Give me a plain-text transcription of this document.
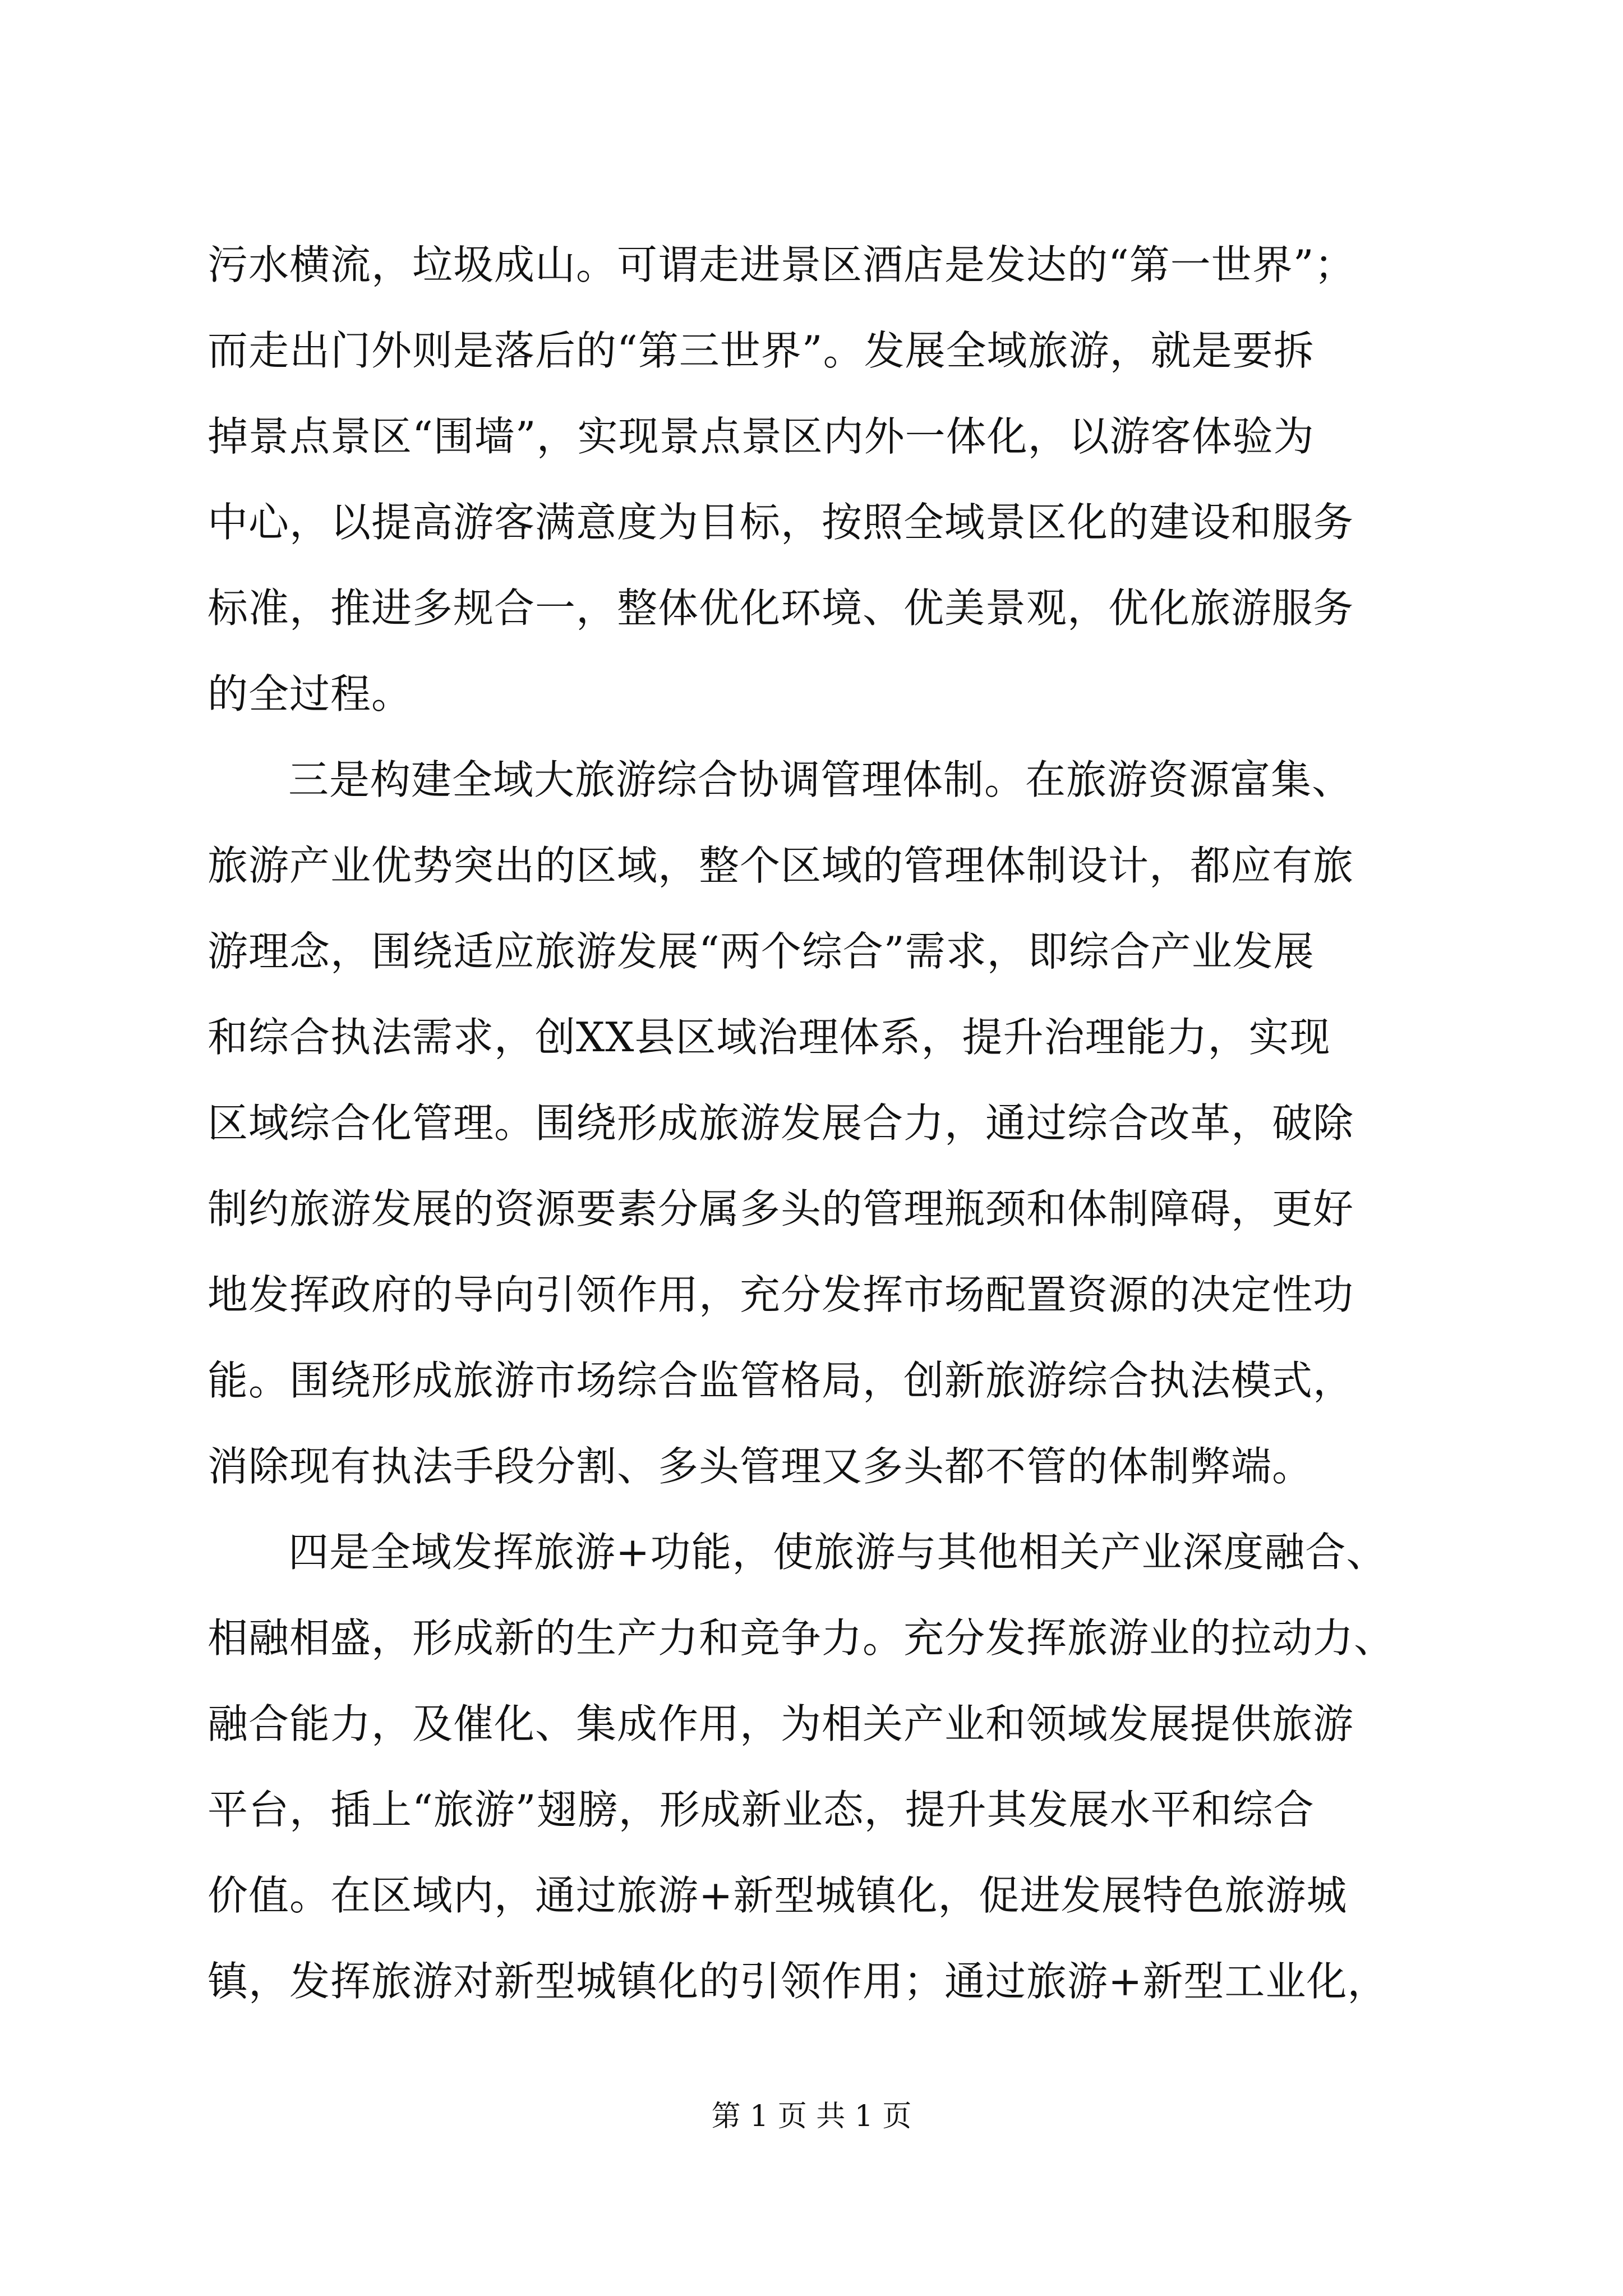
污水横流，垃圾成山。可谓走进景区酒店是发达的“第一世界”；
而走出门外则是落后的“第三世界”。发展全域旅游，就是要拆
掉景点景区“围墙”，实现景点景区内外一体化，以游客体验为
中心，以提高游客满意度为目标，按照全域景区化的建设和服务
标准，推进多规合一，整体优化环境、优美景观，优化旅游服务
的全过程。
三是构建全域大旅游综合协调管理体制。在旅游资源富集、
旅游产业优势突出的区域，整个区域的管理体制设计，都应有旅
游理念，围绕适应旅游发展“两个综合”需求，即综合产业发展
和综合执法需求，创XX县区域治理体系，提升治理能力，实现
区域综合化管理。围绕形成旅游发展合力，通过综合改革，破除
制约旅游发展的资源要素分属多头的管理瓶颈和体制障碍，更好
地发挥政府的导向引领作用，充分发挥市场配置资源的决定性功
能。围绕形成旅游市场综合监管格局，创新旅游综合执法模式，
消除现有执法手段分割、多头管理又多头都不管的体制弊端。
四是全域发挥旅游+功能，使旅游与其他相关产业深度融合、
相融相盛，形成新的生产力和竞争力。充分发挥旅游业的拉动力、
融合能力，及催化、集成作用，为相关产业和领域发展提供旅游
平台，插上“旅游”翅膀，形成新业态，提升其发展水平和综合
价值。在区域内，通过旅游+新型城镇化，促进发展特色旅游城
镇，发挥旅游对新型城镇化的引领作用；通过旅游+新型工业化，
第 1 页 共 1 页
